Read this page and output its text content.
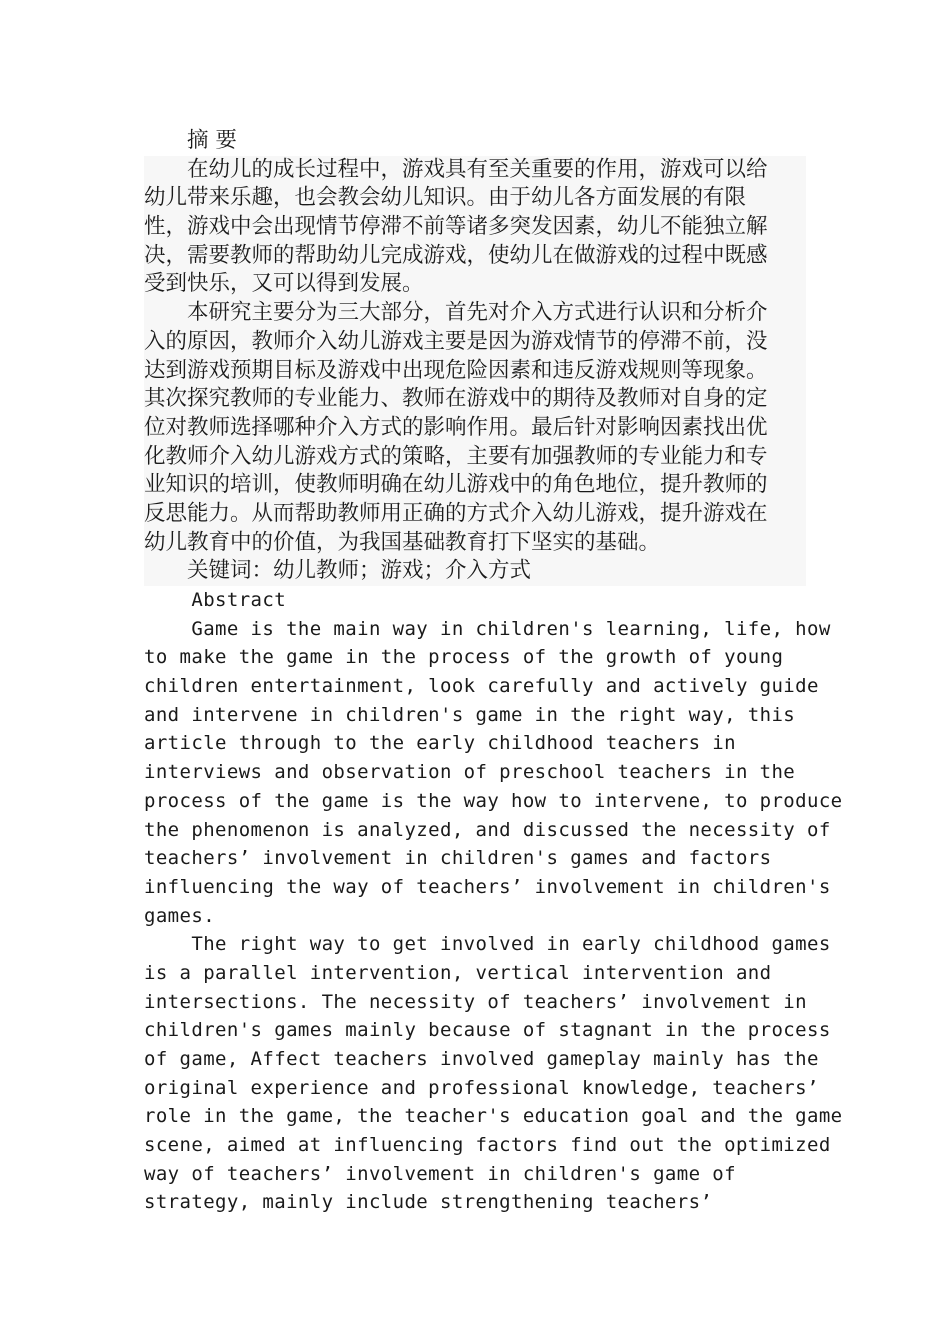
　　摘 要
　　在幼儿的成长过程中，游戏具有至关重要的作用，游戏可以给
幼儿带来乐趣，也会教会幼儿知识。由于幼儿各方面发展的有限
性，游戏中会出现情节停滞不前等诸多突发因素，幼儿不能独立解
决，需要教师的帮助幼儿完成游戏，使幼儿在做游戏的过程中既感
受到快乐，又可以得到发展。
　　本研究主要分为三大部分，首先对介入方式进行认识和分析介
入的原因，教师介入幼儿游戏主要是因为游戏情节的停滞不前，没
达到游戏预期目标及游戏中出现危险因素和违反游戏规则等现象。
其次探究教师的专业能力、教师在游戏中的期待及教师对自身的定
位对教师选择哪种介入方式的影响作用。最后针对影响因素找出优
化教师介入幼儿游戏方式的策略，主要有加强教师的专业能力和专
业知识的培训，使教师明确在幼儿游戏中的角色地位，提升教师的
反思能力。从而帮助教师用正确的方式介入幼儿游戏，提升游戏在
幼儿教育中的价值，为我国基础教育打下坚实的基础。
　　关键词：幼儿教师；游戏；介入方式
Abstract
Game is the main way in children's learning, life, how
to make the game in the process of the growth of young
children entertainment, look carefully and actively guide
and intervene in children's game in the right way, this
article through to the early childhood teachers in
interviews and observation of preschool teachers in the
process of the game is the way how to intervene, to produce
the phenomenon is analyzed, and discussed the necessity of
teachers’ involvement in children's games and factors
influencing the way of teachers’ involvement in children's
games.
The right way to get involved in early childhood games
is a parallel intervention, vertical intervention and
intersections. The necessity of teachers’ involvement in
children's games mainly because of stagnant in the process
of game, Affect teachers involved gameplay mainly has the
original experience and professional knowledge, teachers’
role in the game, the teacher's education goal and the game
scene, aimed at influencing factors find out the optimized
way of teachers’ involvement in children's game of
strategy, mainly include strengthening teachers’
